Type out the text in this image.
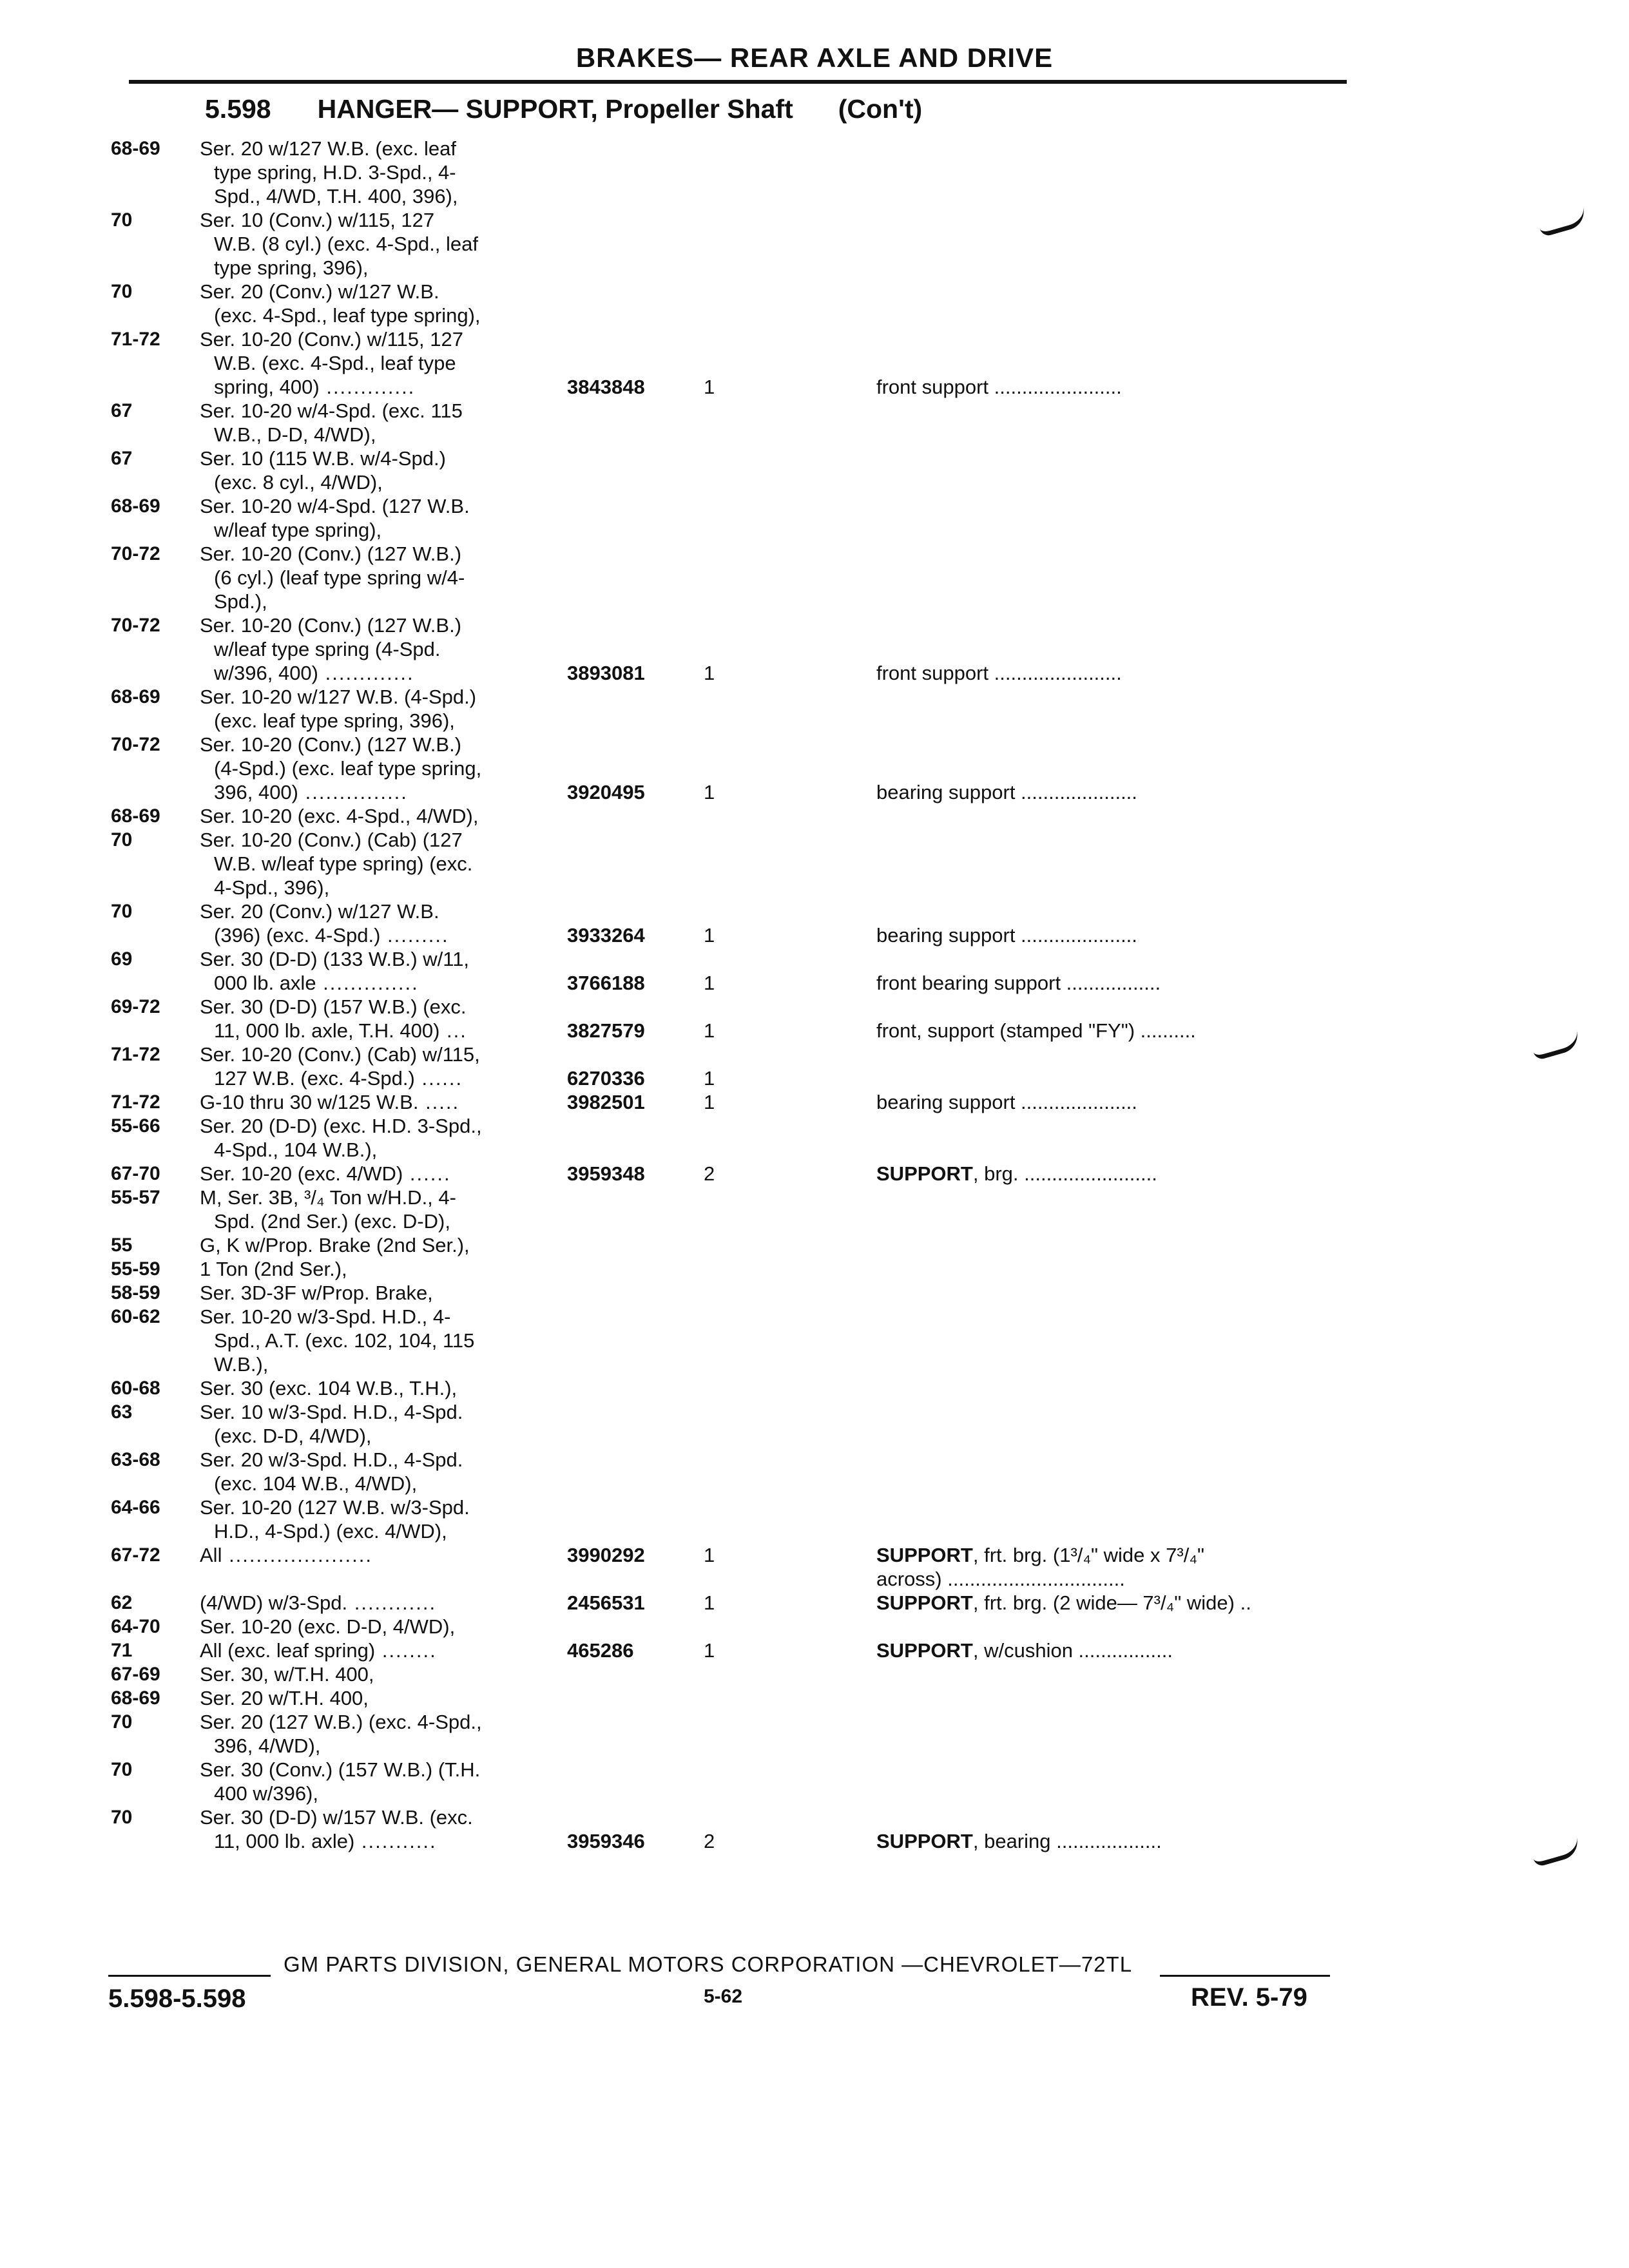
BRAKES— REAR AXLE AND DRIVE
5.598 HANGER— SUPPORT, Propeller Shaft (Con't)
68-69 Ser. 20 w/127 W.B. (exc. leaf
type spring, H.D. 3-Spd., 4-
Spd., 4/WD, T.H. 400, 396),
70	Ser. 10 (Conv.) w/115, 127
W.B. (8 cyl.) (exc. 4-Spd., leaf
type spring, 396),
70	Ser. 20 (Conv.) w/127 W.B.
(exc. 4-Spd., leaf type spring),
71-72 Ser. 10-20 (Conv.) w/115, 127
W.B. (exc. 4-Spd., leaf type
spring, 400) .............	3843848	1	front support .......................
67	Ser. 10-20 w/4-Spd. (exc. 115
W.B., D-D, 4/WD),
67	Ser. 10 (115 W.B. w/4-Spd.)
(exc. 8 cyl., 4/WD),
68-69 Ser. 10-20 w/4-Spd. (127 W.B.
w/leaf type spring),
70-72 Ser. 10-20 (Conv.) (127 W.B.)
(6 cyl.) (leaf type spring w/4-
Spd.),
70-72 Ser. 10-20 (Conv.) (127 W.B.)
w/leaf type spring (4-Spd.
w/396, 400) .............	3893081	1	front support .......................
68-69 Ser. 10-20 w/127 W.B. (4-Spd.)
(exc. leaf type spring, 396),
70-72 Ser. 10-20 (Conv.) (127 W.B.)
(4-Spd.) (exc. leaf type spring,
396, 400) ...............	3920495	1	bearing support .....................
68-69 Ser. 10-20 (exc. 4-Spd., 4/WD),
70	Ser. 10-20 (Conv.) (Cab) (127
W.B. w/leaf type spring) (exc.
4-Spd., 396),
70	Ser. 20 (Conv.) w/127 W.B.
(396) (exc. 4-Spd.) .........	3933264	1	bearing support .....................
69	Ser. 30 (D-D) (133 W.B.) w/11,
000 lb. axle ..............	3766188	1	front bearing support .................
69-72 Ser. 30 (D-D) (157 W.B.) (exc.
11, 000 lb. axle, T.H. 400) ...	3827579	1	front, support (stamped "FY") ..........
71-72 Ser. 10-20 (Conv.) (Cab) w/115,
127 W.B. (exc. 4-Spd.) ......	6270336	1
71-72 G-10 thru 30 w/125 W.B. .....	3982501	1	bearing support .....................
55-66 Ser. 20 (D-D) (exc. H.D. 3-Spd.,
4-Spd., 104 W.B.),
67-70 Ser. 10-20 (exc. 4/WD) ......	3959348	2	SUPPORT, brg. ........................
55-57 M, Ser. 3B, ³/₄ Ton w/H.D., 4-
Spd. (2nd Ser.) (exc. D-D),
55	G, K w/Prop. Brake (2nd Ser.),
55-59 1 Ton (2nd Ser.),
58-59 Ser. 3D-3F w/Prop. Brake,
60-62 Ser. 10-20 w/3-Spd. H.D., 4-
Spd., A.T. (exc. 102, 104, 115
W.B.),
60-68 Ser. 30 (exc. 104 W.B., T.H.),
63	Ser. 10 w/3-Spd. H.D., 4-Spd.
(exc. D-D, 4/WD),
63-68 Ser. 20 w/3-Spd. H.D., 4-Spd.
(exc. 104 W.B., 4/WD),
64-66 Ser. 10-20 (127 W.B. w/3-Spd.
H.D., 4-Spd.) (exc. 4/WD),
67-72 All .....................	3990292	1	SUPPORT, frt. brg. (1³/₄" wide x 7³/₄"
across) ................................
62	(4/WD) w/3-Spd. ............	2456531	1	SUPPORT, frt. brg. (2 wide— 7³/₄" wide) ..
64-70 Ser. 10-20 (exc. D-D, 4/WD),
71	All (exc. leaf spring) ........	465286	1	SUPPORT, w/cushion .................
67-69 Ser. 30, w/T.H. 400,
68-69 Ser. 20 w/T.H. 400,
70	Ser. 20 (127 W.B.) (exc. 4-Spd.,
396, 4/WD),
70	Ser. 30 (Conv.) (157 W.B.) (T.H.
400 w/396),
70	Ser. 30 (D-D) w/157 W.B. (exc.
11, 000 lb. axle) ...........	3959346	2	SUPPORT, bearing ...................
GM PARTS DIVISION, GENERAL MOTORS CORPORATION —CHEVROLET—72TL
5.598-5.598	5-62	REV. 5-79
